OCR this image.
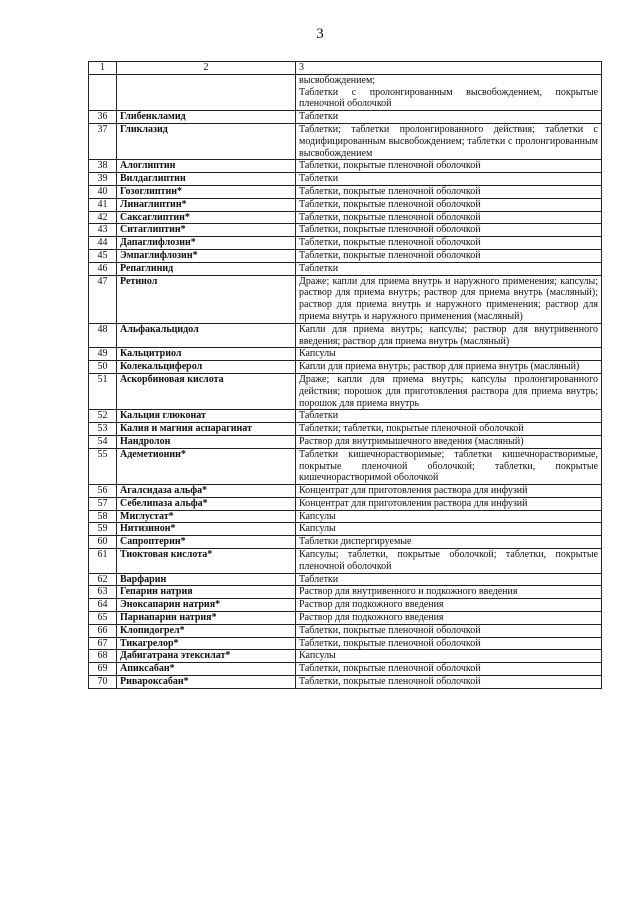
3
1	2	3
		высвобождением;
Таблетки с пролонгированным высвобождением, покрытые пленочной оболочкой
36	Глибенкламид	Таблетки
37	Гликлазид	Таблетки; таблетки пролонгированного действия; таблетки с модифицированным высвобождением; таблетки с пролонгированным высвобождением
38	Алоглиптин	Таблетки, покрытые пленочной оболочкой
39	Вилдаглиптин	Таблетки
40	Гозоглиптин*	Таблетки, покрытые пленочной оболочкой
41	Линаглиптин*	Таблетки, покрытые пленочной оболочкой
42	Саксаглиптин*	Таблетки, покрытые пленочной оболочкой
43	Ситаглиптин*	Таблетки, покрытые пленочной оболочкой
44	Дапаглифлозин*	Таблетки, покрытые пленочной оболочкой
45	Эмпаглифлозин*	Таблетки, покрытые пленочной оболочкой
46	Репаглинид	Таблетки
47	Ретинол	Драже; капли для приема внутрь и наружного применения; капсулы; раствор для приема внутрь; раствор для приема внутрь (масляный); раствор для приема внутрь и наружного применения; раствор для приема внутрь и наружного применения (масляный)
48	Альфакальцидол	Капли для приема внутрь; капсулы; раствор для внутривенного введения; раствор для приема внутрь (масляный)
49	Кальцитриол	Капсулы
50	Колекальциферол	Капли для приема внутрь; раствор для приема внутрь (масляный)
51	Аскорбиновая кислота	Драже; капли для приема внутрь; капсулы пролонгированного действия; порошок для приготовления раствора для приема внутрь; порошок для приема внутрь
52	Кальция глюконат	Таблетки
53	Калия и магния аспарагинат	Таблетки; таблетки, покрытые пленочной оболочкой
54	Нандролон	Раствор для внутримышечного введения (масляный)
55	Адеметионин*	Таблетки кишечнорастворимые; таблетки кишечнорастворимые, покрытые пленочной оболочкой; таблетки, покрытые кишечнорастворимой оболочкой
56	Агалсидаза альфа*	Концентрат для приготовления раствора для инфузий
57	Себелипаза альфа*	Концентрат для приготовления раствора для инфузий
58	Миглустат*	Капсулы
59	Нитизинон*	Капсулы
60	Сапроптерин*	Таблетки диспергируемые
61	Тиоктовая кислота*	Капсулы; таблетки, покрытые оболочкой; таблетки, покрытые пленочной оболочкой
62	Варфарин	Таблетки
63	Гепарин натрия	Раствор для внутривенного и подкожного введения
64	Эноксапарин натрия*	Раствор для подкожного введения
65	Парнапарин натрия*	Раствор для подкожного введения
66	Клопидогрел*	Таблетки, покрытые пленочной оболочкой
67	Тикагрелор*	Таблетки, покрытые пленочной оболочкой
68	Дабигатрана этексилат*	Капсулы
69	Апиксабан*	Таблетки, покрытые пленочной оболочкой
70	Ривароксабан*	Таблетки, покрытые пленочной оболочкой
